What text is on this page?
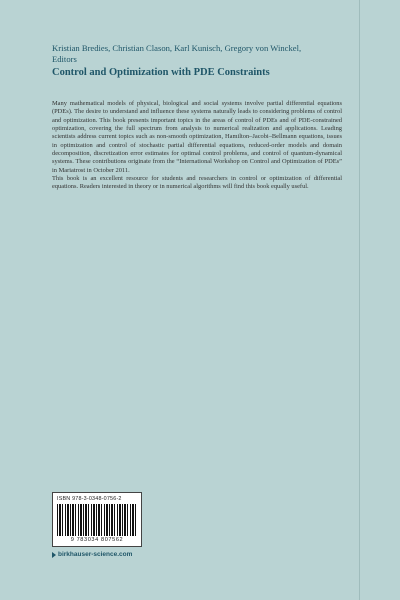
Kristian Bredies, Christian Clason, Karl Kunisch, Gregory von Winckel,
Editors
Control and Optimization with PDE Constraints

Many mathematical models of physical, biological and social systems involve partial differential equations (PDEs). The desire to understand and influence these systems naturally leads to considering problems of control and optimization. This book presents important topics in the areas of control of PDEs and of PDE-constrained optimization, covering the full spectrum from analysis to numerical realization and applications. Leading scientists address current topics such as non-smooth optimization, Hamilton–Jacobi–Bellmann equations, issues in optimization and control of stochastic partial differential equations, reduced-order models and domain decomposition, discretization error estimates for optimal control problems, and control of quantum-dynamical systems. These contributions originate from the “International Workshop on Control and Optimization of PDEs” in Mariatrost in October 2011.

This book is an excellent resource for students and researchers in control or optimization of differential equations. Readers interested in theory or in numerical algorithms will find this book equally useful.

ISBN 978-3-0348-0756-2
9 783034 807562
birkhauser-science.com
